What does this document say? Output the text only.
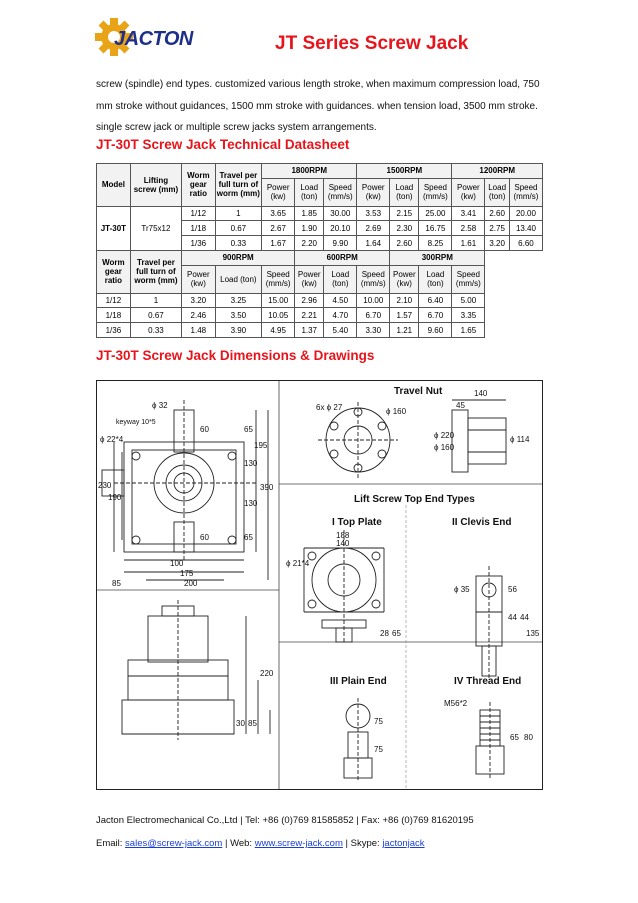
JACTON	JT Series Screw Jack
screw (spindle) end types. customized various length stroke, when maximum compression load, 750 mm stroke without guidances, 1500 mm stroke with guidances. when tension load, 3500 mm stroke. single screw jack or multiple screw jacks system arrangements.
JT-30T Screw Jack Technical Datasheet
Model	Lifting screw (mm)	Worm gear ratio	Travel per full turn of worm (mm)	1800RPM			1500RPM			1200RPM		
				Power (kw)	Load (ton)	Speed (mm/s)	Power (kw)	Load (ton)	Speed (mm/s)	Power (kw)	Load (ton)	Speed (mm/s)
JT-30T	Tr75x12	1/12	1	3.65	1.85	30.00	3.53	2.15	25.00	3.41	2.60	20.00
		1/18	0.67	2.67	1.90	20.10	2.69	2.30	16.75	2.58	2.75	13.40
		1/36	0.33	1.67	2.20	9.90	1.64	2.60	8.25	1.61	3.20	6.60
Worm gear ratio	Travel per full turn of worm (mm)	900RPM			600RPM			300RPM				
		Power (kw)	Load (ton)	Speed (mm/s)	Power (kw)	Load (ton)	Speed (mm/s)	Power (kw)	Load (ton)	Speed (mm/s)		
1/12	1	3.20	3.25	15.00	2.96	4.50	10.00	2.10	6.40	5.00		
1/18	0.67	2.46	3.50	10.05	2.21	4.70	6.70	1.57	6.70	3.35		
1/36	0.33	1.48	3.90	4.95	1.37	5.40	3.30	1.21	9.60	1.65		
JT-30T Screw Jack Dimensions & Drawings
Travel Nut
Lift Screw Top End Types
I Top Plate	II Clevis End
III Plain End	IV Thread End
ϕ 32
keyway 10*5
ϕ 22*4
60	65
130
195
390
130
65
60
230
190
100
175
85	200
6x ϕ 27	ϕ 160
140
45
ϕ 220
ϕ 160
ϕ 114
188
140
ϕ 21*4
28 65
ϕ 35	56
44 44
135
220
85
30	75
75
M56*2
65 80
Jacton Electromechanical Co.,Ltd | Tel: +86 (0)769 81585852 | Fax: +86 (0)769 81620195
Email: sales@screw-jack.com | Web: www.screw-jack.com | Skype: jactonjack
